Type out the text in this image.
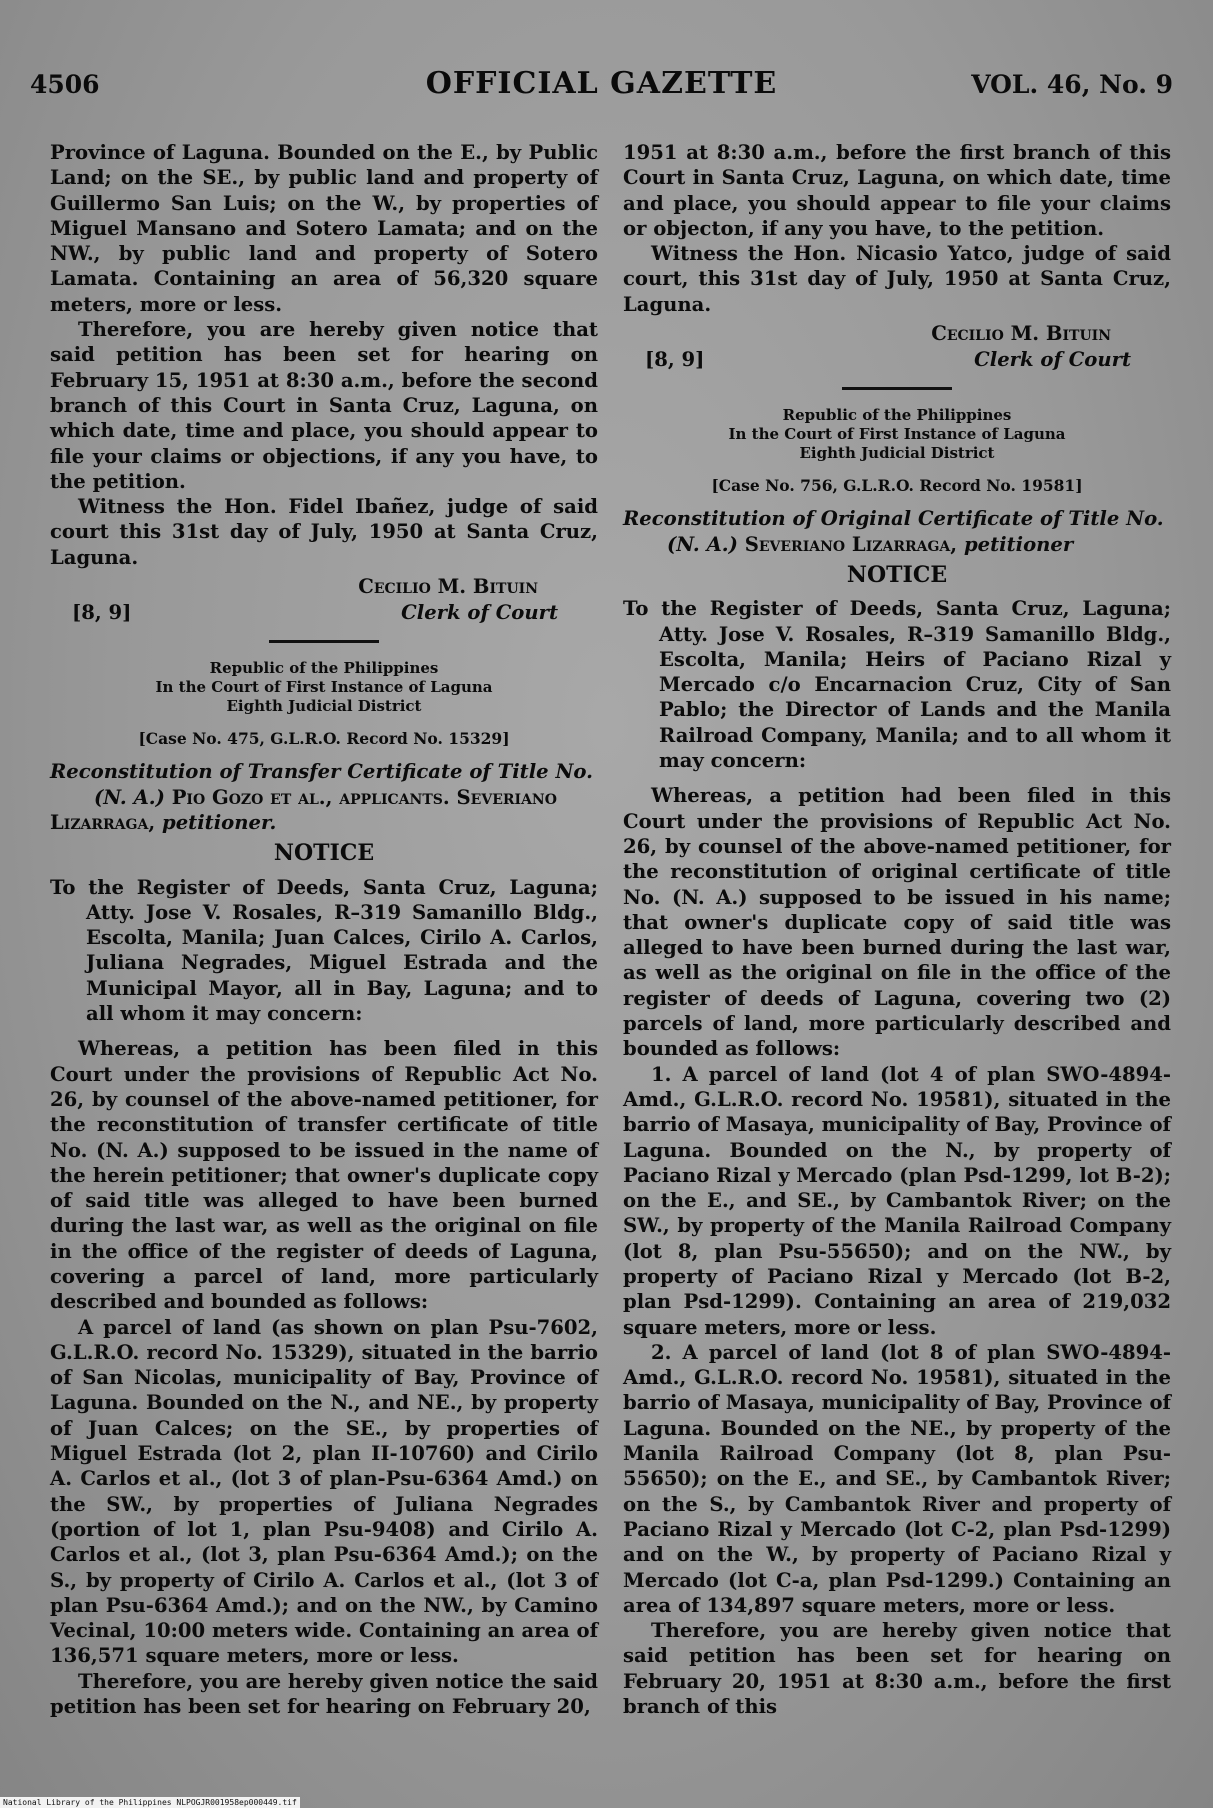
4506	OFFICIAL GAZETTE	VOL. 46, No. 9

Province of Laguna. Bounded on the E., by Public Land; on the SE., by public land and property of Guillermo San Luis; on the W., by properties of Miguel Mansano and Sotero Lamata; and on the NW., by public land and property of Sotero Lamata. Containing an area of 56,320 square meters, more or less.

Therefore, you are hereby given notice that said petition has been set for hearing on February 15, 1951 at 8:30 a.m., before the second branch of this Court in Santa Cruz, Laguna, on which date, time and place, you should appear to file your claims or objections, if any you have, to the petition.

Witness the Hon. Fidel Ibañez, judge of said court this 31st day of July, 1950 at Santa Cruz, Laguna.

[8, 9]
Cecilio M. Bituin
Clerk of Court
Republic of the Philippines
In the Court of First Instance of Laguna
Eighth Judicial District
[Case No. 475, G.L.R.O. Record No. 15329]
Reconstitution of Transfer Certificate of Title No.
(N. A.) Pio Gozo et al., applicants. Severiano Lizarraga, petitioner.
NOTICE

To the Register of Deeds, Santa Cruz, Laguna; Atty. Jose V. Rosales, R–319 Samanillo Bldg., Escolta, Manila; Juan Calces, Cirilo A. Carlos, Juliana Negrades, Miguel Estrada and the Municipal Mayor, all in Bay, Laguna; and to all whom it may concern:

Whereas, a petition has been filed in this Court under the provisions of Republic Act No. 26, by counsel of the above-named petitioner, for the reconstitution of transfer certificate of title No. (N. A.) supposed to be issued in the name of the herein petitioner; that owner's duplicate copy of said title was alleged to have been burned during the last war, as well as the original on file in the office of the register of deeds of Laguna, covering a parcel of land, more particularly described and bounded as follows:

A parcel of land (as shown on plan Psu-7602, G.L.R.O. record No. 15329), situated in the barrio of San Nicolas, municipality of Bay, Province of Laguna. Bounded on the N., and NE., by property of Juan Calces; on the SE., by properties of Miguel Estrada (lot 2, plan II-10760) and Cirilo A. Carlos et al., (lot 3 of plan-Psu-6364 Amd.) on the SW., by properties of Juliana Negrades (portion of lot 1, plan Psu-9408) and Cirilo A. Carlos et al., (lot 3, plan Psu-6364 Amd.); on the S., by property of Cirilo A. Carlos et al., (lot 3 of plan Psu-6364 Amd.); and on the NW., by Camino Vecinal, 10:00 meters wide. Containing an area of 136,571 square meters, more or less.

Therefore, you are hereby given notice the said petition has been set for hearing on February 20,

1951 at 8:30 a.m., before the first branch of this Court in Santa Cruz, Laguna, on which date, time and place, you should appear to file your claims or objecton, if any you have, to the petition.

Witness the Hon. Nicasio Yatco, judge of said court, this 31st day of July, 1950 at Santa Cruz, Laguna.

[8, 9]
Cecilio M. Bituin
Clerk of Court
Republic of the Philippines
In the Court of First Instance of Laguna
Eighth Judicial District
[Case No. 756, G.L.R.O. Record No. 19581]
Reconstitution of Original Certificate of Title No.
(N. A.) Severiano Lizarraga, petitioner
NOTICE

To the Register of Deeds, Santa Cruz, Laguna; Atty. Jose V. Rosales, R–319 Samanillo Bldg., Escolta, Manila; Heirs of Paciano Rizal y Mercado c/o Encarnacion Cruz, City of San Pablo; the Director of Lands and the Manila Railroad Company, Manila; and to all whom it may concern:

Whereas, a petition had been filed in this Court under the provisions of Republic Act No. 26, by counsel of the above-named petitioner, for the reconstitution of original certificate of title No. (N. A.) supposed to be issued in his name; that owner's duplicate copy of said title was alleged to have been burned during the last war, as well as the original on file in the office of the register of deeds of Laguna, covering two (2) parcels of land, more particularly described and bounded as follows:

1. A parcel of land (lot 4 of plan SWO-4894-Amd., G.L.R.O. record No. 19581), situated in the barrio of Masaya, municipality of Bay, Province of Laguna. Bounded on the N., by property of Paciano Rizal y Mercado (plan Psd-1299, lot B-2); on the E., and SE., by Cambantok River; on the SW., by property of the Manila Railroad Company (lot 8, plan Psu-55650); and on the NW., by property of Paciano Rizal y Mercado (lot B-2, plan Psd-1299). Containing an area of 219,032 square meters, more or less.

2. A parcel of land (lot 8 of plan SWO-4894-Amd., G.L.R.O. record No. 19581), situated in the barrio of Masaya, municipality of Bay, Province of Laguna. Bounded on the NE., by property of the Manila Railroad Company (lot 8, plan Psu-55650); on the E., and SE., by Cambantok River; on the S., by Cambantok River and property of Paciano Rizal y Mercado (lot C-2, plan Psd-1299) and on the W., by property of Paciano Rizal y Mercado (lot C-a, plan Psd-1299.) Containing an area of 134,897 square meters, more or less.

Therefore, you are hereby given notice that said petition has been set for hearing on February 20, 1951 at 8:30 a.m., before the first branch of this

National Library of the Philippines NLPOGJR001958ep000449.tif
